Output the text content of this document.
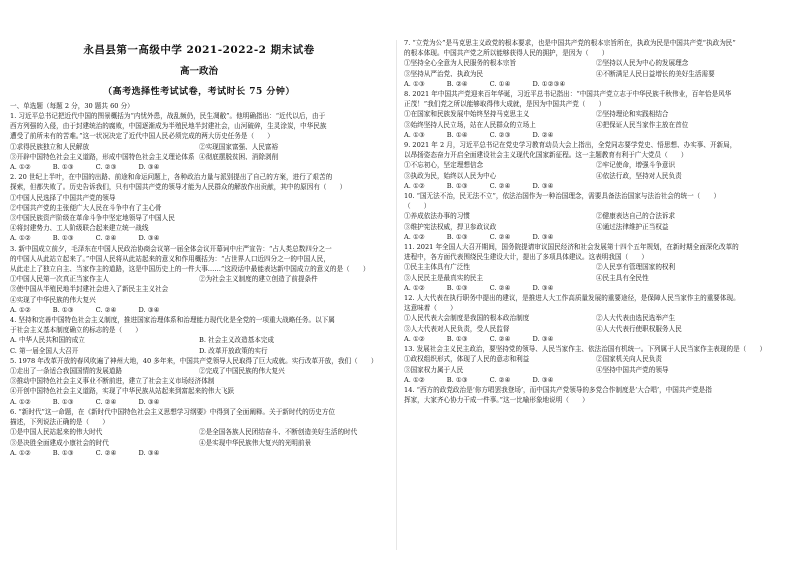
永昌县第一高级中学 2021-2022-2 期末试卷
高一政治
（高考选择性考试试卷，考试时长 75 分钟）
一、单选题（每题 2 分，30 题共 60 分）
1. 习近平总书记把近代中国的图景概括为“内忧外患，战乱频仍，民生凋敝”。他明确指出：“近代以后，由于
西方列强的入侵，由于封建统治的腐败，中国逐渐成为半殖民地半封建社会，山河破碎，生灵涂炭，中华民族
遭受了前所未有的苦难。”这一状况决定了近代中国人民必须完成的两大历史任务是（　　）
①求得民族独立和人民解放	②实现国家富强、人民富裕
③开辟中国特色社会主义道路，形成中国特色社会主义理论体系 ④彻底摆脱贫困、消除剥削
A. ①②	B. ①③	C. ②③	D. ③④
2. 20 世纪上半叶，在中国的出路、前途和命运问题上，各种政治力量与派别提出了自己的方案，进行了艰苦的
探索，但都失败了。历史告诉我们，只有中国共产党的领导才能为人民群众的解放作出贡献，其中的原因有（　　）
①中国人民选择了中国共产党的领导
②中国共产党的主张便广大人民在斗争中有了主心骨
③中国民族资产阶级在革命斗争中坚定地领导了中国人民
④将封建势力、工人阶级联合起来建立统一战线
A. ①②	B. ①③	C. ②④	D. ③④
3. 新中国成立前夕，毛泽东在中国人民政治协商会议第一届全体会议开幕词中庄严宣告：“占人类总数四分之一
的中国人从此站立起来了。”中国人民将从此站起来的意义和作用概括为：“占世界人口近四分之一的中国人民，
从此走上了独立自主、当家作主的道路，这是中国历史上的一件大事……”这段话中最能表达新中国成立的意义的是（　　）
①中国人民第一次真正当家作主人	②为社会主义制度的建立创造了前提条件
③使中国从半殖民地半封建社会进入了新民主主义社会
④实现了中华民族的伟大复兴
A. ①②	B. ①③	C. ②④	D. ③④
4. 坚持和完善中国特色社会主义制度，推进国家治理体系和治理能力现代化是全党的一项重大战略任务。以下属
于社会主义基本制度确立的标志的是（　　）
A. 中华人民共和国的成立	B. 社会主义改造基本完成
C. 第一届全国人大召开	D. 改革开放政策的实行
5. 1978 年改革开放的春风吹遍了神州大地，40 多年来，中国共产党领导人民取得了巨大成就。实行改革开放，我们（　　）
①走出了一条适合我国国情的发展道路	②完成了中国民族的伟大复兴
③推动中国特色社会主义事业不断前进，建立了社会主义市场经济体制
④开创中国特色社会主义道路，实现了中华民族从站起来到富起来的伟大飞跃
A. ①②	B. ①③	C. ②④	D. ③④
6. “新时代”这一命题，在《新时代中国特色社会主义思想学习纲要》中得到了全面阐释。关于新时代的历史方位
描述，下列说法正确的是（　　）
①是中国人民站起来的伟大时代	②是全国各族人民团结奋斗、不断创造美好生活的时代
③是决胜全面建成小康社会的时代	④是实现中华民族伟大复兴的光明前景
A. ①②	B. ①③	C. ②④	D. ③④
7. “立党为公”是马克思主义政党的根本要求，也是中国共产党的根本宗旨所在，执政为民是中国共产党“执政为民”
的根本体现。中国共产党之所以能够获得人民的拥护，是因为（　　）
①坚持全心全意为人民服务的根本宗旨	②坚持以人民为中心的发展理念
③坚持从严治党、执政为民	④不断满足人民日益增长的美好生活需要
A. ①③	B. ②④	C. ①④	D. ①②③④
8. 2021 年中国共产党迎来百年华诞，习近平总书记指出：“中国共产党立志于中华民族千秋伟业，百年恰是风华
正茂！”我们党之所以能够取得伟大成就，是因为中国共产党（　　）
①在国家和民族发展中始终坚持马克思主义	②坚持理论和实践相结合
③始终坚持人民立场，站在人民群众的立场上	④把保证人民当家作主放在首位
A. ①③	B. ①④	C. ②③	D. ②④
9. 2021 年 2 月，习近平总书记在党史学习教育动员大会上指出，全党同志要学党史、悟思想、办实事、开新局，
以昂扬姿态奋力开启全面建设社会主义现代化国家新征程。这一主题教育有利于广大党员（　　）
①不忘初心，坚定理想信念	②牢记使命，增强斗争意识
③执政为民，始终以人民为中心	④依法行政，坚持对人民负责
A. ①②	B. ①③	C. ②④	D. ③④
10. “国无法不治，民无法不立”，依法治国作为一种治国理念，需要具备法治国家与法治社会的统一（　　）
（　　）
①养成依法办事的习惯	②健康表达自己的合法诉求
③维护宪法权威，捍卫参政议政	④通过法律维护正当权益
A. ①②	B. ①③	C. ②④	D. ③④
11. 2021 年全国人大召开期间，国务院提请审议国民经济和社会发展第十四个五年规划，在新时期全面深化改革的
进程中，各方面代表围绕民生建设大计，提出了多项具体建议。这表明我国（　　）
①民主主体具有广泛性	②人民享有管理国家的权利
③人民民主是最真实的民主	④民主具有全民性
A. ①②	B. ①③	C. ②④	D. ③④
12. 人大代表在执行职务中提出的建议，是推进人大工作高质量发展的重要途径，是保障人民当家作主的重要体现。
这意味着（　　）
①人民代表大会制度是我国的根本政治制度	②人大代表由选民选举产生
③人大代表对人民负责，受人民监督	④人大代表行使职权服务人民
A. ①②	B. ①③	C. ②④	D. ③④
13. 发展社会主义民主政治，要坚持党的领导、人民当家作主、依法治国有机统一。下列属于人民当家作主表现的是（　　）
①政权组织形式，体现了人民的意志和利益	②国家机关向人民负责
③国家权力属于人民	④坚持中国共产党的领导
A. ①②	B. ①③	C. ②④	D. ③④
14. “西方的政党政治是‘你方唱罢我登场’，而中国共产党领导的多党合作制度是‘大合唱’，中国共产党是指
挥家，大家齐心协力干成一件事。”这一比喻形象地说明（　　）
